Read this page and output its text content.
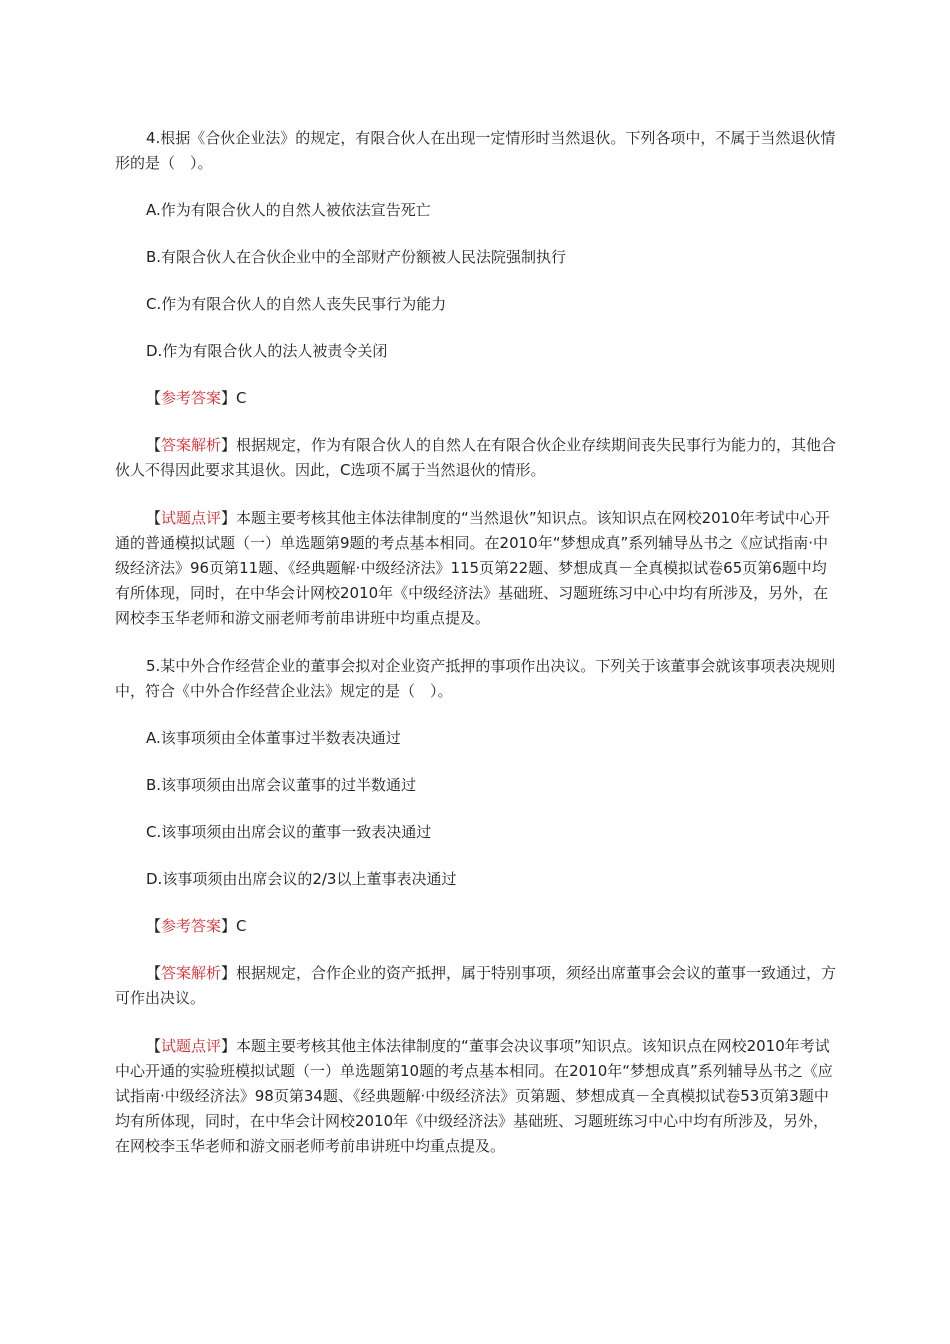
4.根据《合伙企业法》的规定，有限合伙人在出现一定情形时当然退伙。下列各项中，不属于当然退伙情形的是（　）。

A.作为有限合伙人的自然人被依法宣告死亡

B.有限合伙人在合伙企业中的全部财产份额被人民法院强制执行

C.作为有限合伙人的自然人丧失民事行为能力

D.作为有限合伙人的法人被责令关闭

【参考答案】C

【答案解析】根据规定，作为有限合伙人的自然人在有限合伙企业存续期间丧失民事行为能力的，其他合伙人不得因此要求其退伙。因此，C选项不属于当然退伙的情形。

【试题点评】本题主要考核其他主体法律制度的“当然退伙”知识点。该知识点在网校2010年考试中心开通的普通模拟试题（一）单选题第9题的考点基本相同。在2010年“梦想成真”系列辅导丛书之《应试指南·中级经济法》96页第11题、《经典题解·中级经济法》115页第22题、梦想成真－全真模拟试卷65页第6题中均有所体现，同时，在中华会计网校2010年《中级经济法》基础班、习题班练习中心中均有所涉及，另外，在网校李玉华老师和游文丽老师考前串讲班中均重点提及。

5.某中外合作经营企业的董事会拟对企业资产抵押的事项作出决议。下列关于该董事会就该事项表决规则中，符合《中外合作经营企业法》规定的是（　）。

A.该事项须由全体董事过半数表决通过

B.该事项须由出席会议董事的过半数通过

C.该事项须由出席会议的董事一致表决通过

D.该事项须由出席会议的2/3以上董事表决通过

【参考答案】C

【答案解析】根据规定，合作企业的资产抵押，属于特别事项，须经出席董事会会议的董事一致通过，方可作出决议。

【试题点评】本题主要考核其他主体法律制度的“董事会决议事项”知识点。该知识点在网校2010年考试中心开通的实验班模拟试题（一）单选题第10题的考点基本相同。在2010年“梦想成真”系列辅导丛书之《应试指南·中级经济法》98页第34题、《经典题解·中级经济法》页第题、梦想成真－全真模拟试卷53页第3题中均有所体现，同时，在中华会计网校2010年《中级经济法》基础班、习题班练习中心中均有所涉及，另外，在网校李玉华老师和游文丽老师考前串讲班中均重点提及。
